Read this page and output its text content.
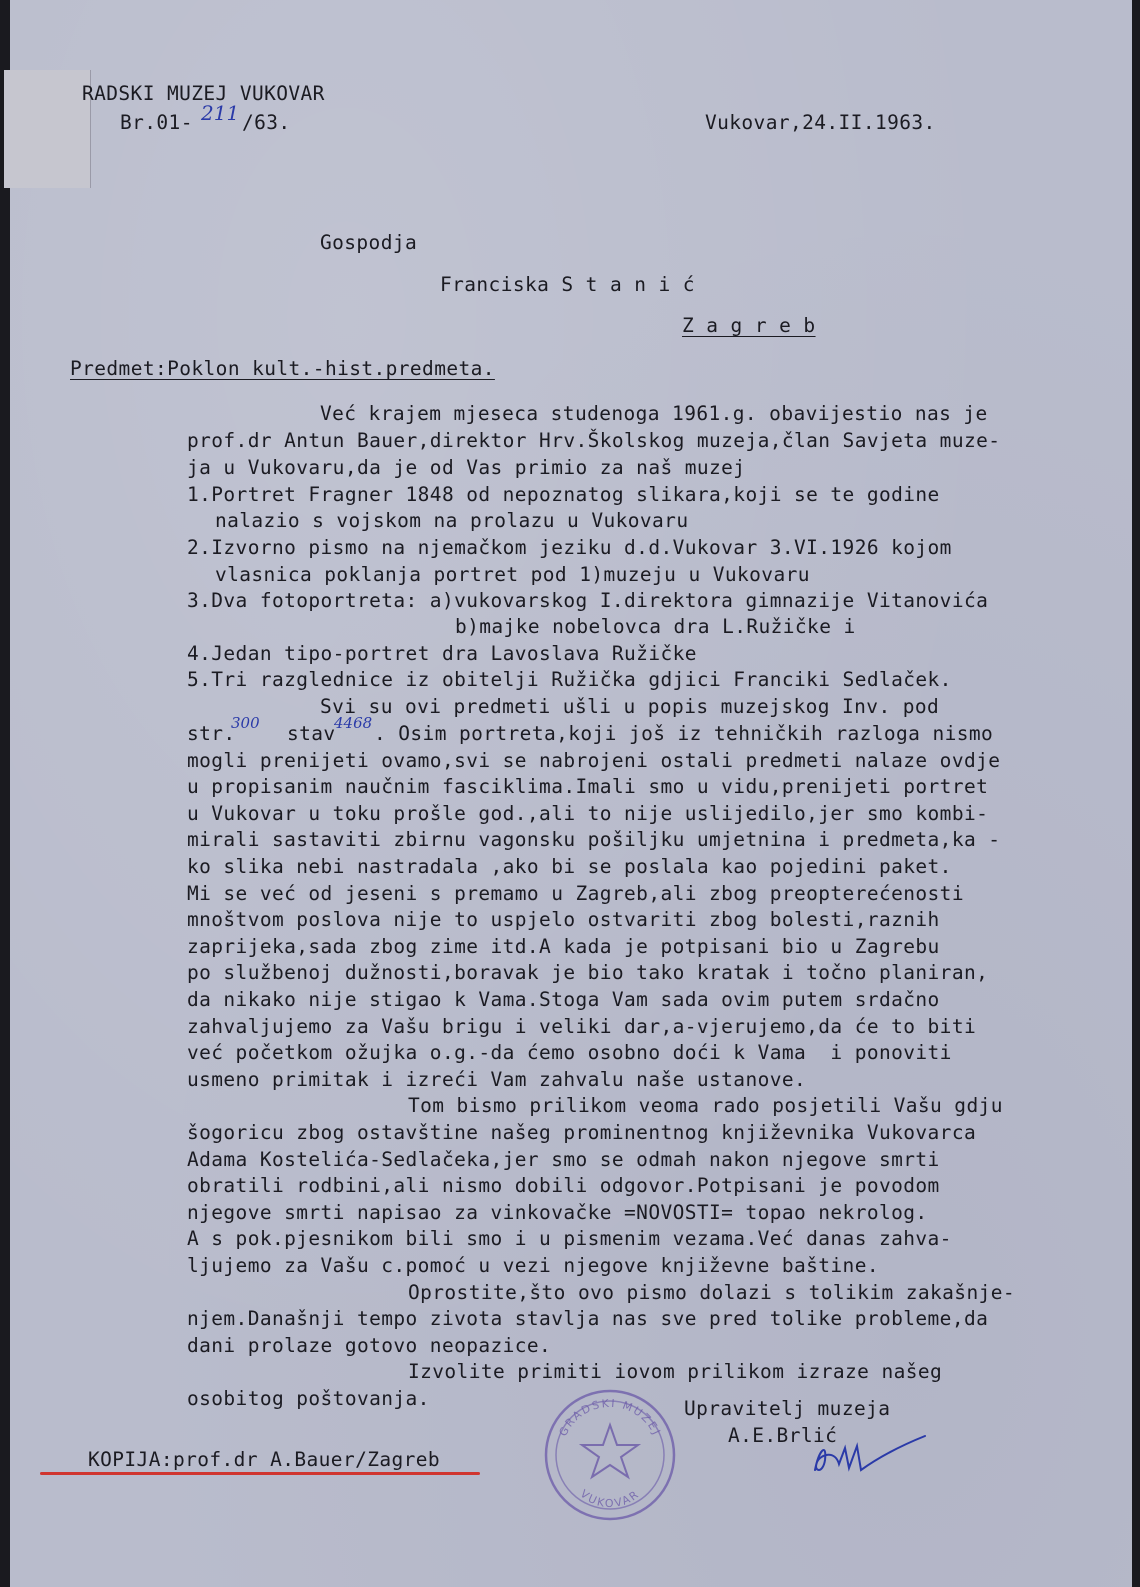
RADSKI MUZEJ VUKOVAR
Br.01- 211 /63.	Vukovar,24.II.1963.
Gospodja
Franciska S t a n i ć
Z a g r e b
Predmet:Poklon kult.-hist.predmeta.
Već krajem mjeseca studenoga 1961.g. obavijestio nas je
prof.dr Antun Bauer,direktor Hrv.Školskog muzeja,član Savjeta muze-
ja u Vukovaru,da je od Vas primio za naš muzej
1.Portret Fragner 1848 od nepoznatog slikara,koji se te godine
nalazio s vojskom na prolazu u Vukovaru
2.Izvorno pismo na njemačkom jeziku d.d.Vukovar 3.VI.1926 kojom
vlasnica poklanja portret pod 1)muzeju u Vukovaru
3.Dva fotoportreta: a)vukovarskog I.direktora gimnazije Vitanovića
b)majke nobelovca dra L.Ružičke i
4.Jedan tipo-portret dra Lavoslava Ružičke
5.Tri razglednice iz obitelji Ružička gdjici Franciki Sedlaček.
Svi su ovi predmeti ušli u popis muzejskog Inv. pod
str.
300 stav
4468 . Osim portreta,koji još iz tehničkih razloga nismo
mogli prenijeti ovamo,svi se nabrojeni ostali predmeti nalaze ovdje
u propisanim naučnim fasciklima.Imali smo u vidu,prenijeti portret
u Vukovar u toku prošle god.,ali to nije uslijedilo,jer smo kombi-
mirali sastaviti zbirnu vagonsku pošiljku umjetnina i predmeta,ka -
ko slika nebi nastradala ,ako bi se poslala kao pojedini paket.
Mi se već od jeseni s premamo u Zagreb,ali zbog preopterećenosti
mnoštvom poslova nije to uspjelo ostvariti zbog bolesti,raznih
zaprijeka,sada zbog zime itd.A kada je potpisani bio u Zagrebu
po službenoj dužnosti,boravak je bio tako kratak i točno planiran,
da nikako nije stigao k Vama.Stoga Vam sada ovim putem srdačno
zahvaljujemo za Vašu brigu i veliki dar,a-vjerujemo,da će to biti
već početkom ožujka o.g.-da ćemo osobno doći k Vama  i ponoviti
usmeno primitak i izreći Vam zahvalu naše ustanove.
Tom bismo prilikom veoma rado posjetili Vašu gdju
šogoricu zbog ostavštine našeg prominentnog književnika Vukovarca
Adama Kostelića-Sedlačeka,jer smo se odmah nakon njegove smrti
obratili rodbini,ali nismo dobili odgovor.Potpisani je povodom
njegove smrti napisao za vinkovačke =NOVOSTI= topao nekrolog.
A s pok.pjesnikom bili smo i u pismenim vezama.Već danas zahva-
ljujemo za Vašu c.pomoć u vezi njegove književne baštine.
Oprostite,što ovo pismo dolazi s tolikim zakašnje-
njem.Današnji tempo zivota stavlja nas sve pred tolike probleme,da
dani prolaze gotovo neopazice.
Izvolite primiti iovom prilikom izraze našeg
osobitog poštovanja.	Upravitelj muzeja
A.E.Brlić
GRADSKI MUZEJ
VUKOVAR
KOPIJA:prof.dr A.Bauer/Zagreb
